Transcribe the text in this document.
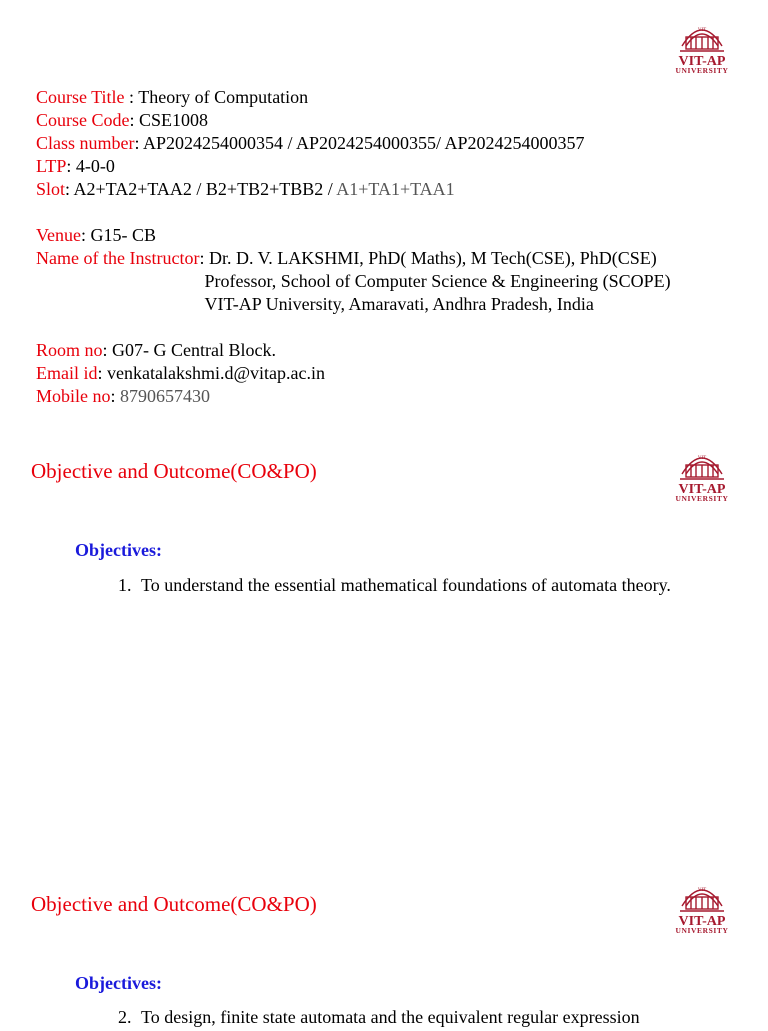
VIT
VIT-AP
UNIVERSITY
Course Title : Theory of Computation
Course Code: CSE1008
Class number: AP2024254000354 / AP2024254000355/ AP2024254000357
LTP: 4-0-0
Slot: A2+TA2+TAA2 / B2+TB2+TBB2 / A1+TA1+TAA1
Venue: G15- CB
Name of the Instructor : Dr. D. V. LAKSHMI, PhD( Maths), M Tech(CSE), PhD(CSE)
Professor, School of Computer Science & Engineering (SCOPE)
VIT-AP University, Amaravati, Andhra Pradesh, India
Room no: G07- G Central Block.
Email id: venkatalakshmi.d@vitap.ac.in
Mobile no: 8790657430
Objective and Outcome(CO&PO)
VIT
VIT-AP
UNIVERSITY
Objectives:
1. To understand the essential mathematical foundations of automata theory.
Objective and Outcome(CO&PO)
VIT
VIT-AP
UNIVERSITY
Objectives:
2. To design, finite state automata and the equivalent regular expression
